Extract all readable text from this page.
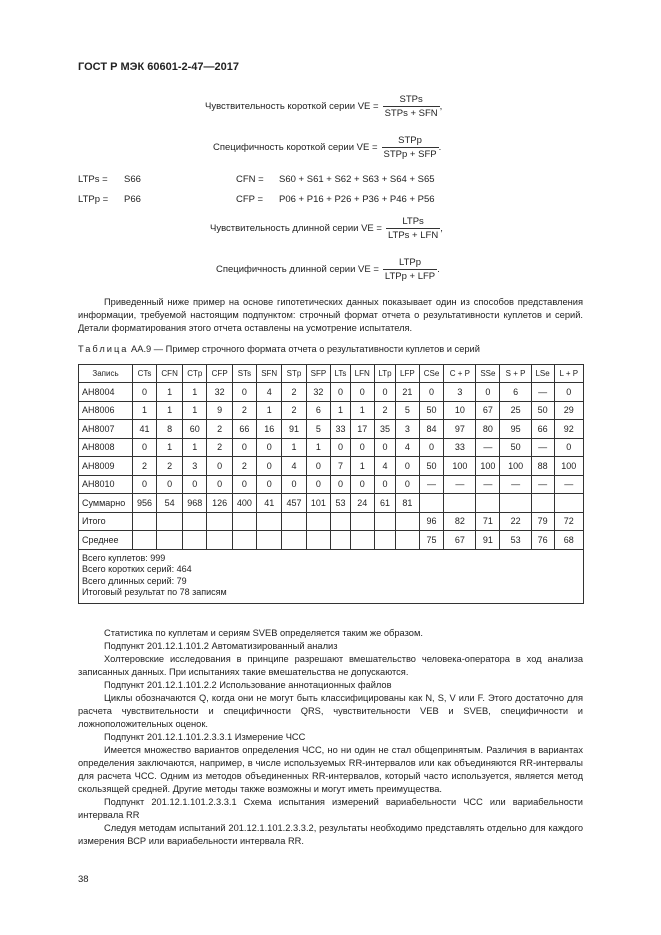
ГОСТ Р МЭК 60601-2-47—2017
Чувствительность короткой серии VE = $\frac{\text{STPs}}{\text{STPs + SFN}}$ ,
Специфичность короткой серии VE = $\frac{\text{STPp}}{\text{STPp + SFP}}$ .
LTPs = S66	CFN = S60 + S61 + S62 + S63 + S64 + S65
LTPp = P66	CFP = P06 + P16 + P26 + P36 + P46 + P56
Чувствительность длинной серии VE = $\frac{\text{LTPs}}{\text{LTPs + LFN}}$ ,
Специфичность длинной серии VE = $\frac{\text{LTPp}}{\text{LTPp + LFP}}$ .

Приведенный ниже пример на основе гипотетических данных показывает один из способов представления информации, требуемой настоящим подпунктом: строчный формат отчета о результативности куплетов и серий. Детали форматирования этого отчета оставлены на усмотрение испытателя.

Таблица АА.9 — Пример строчного формата отчета о результативности куплетов и серий
Запись	CTs	CFN	CTp	CFP	STs	SFN	STp	SFP	LTs	LFN	LTp	LFP	CSe	C + P	SSe	S + P	LSe	L + P
AH8004	0	1	1	32	0	4	2	32	0	0	0	21	0	3	0	6	—	0
AH8006	1	1	1	9	2	1	2	6	1	1	2	5	50	10	67	25	50	29
AH8007	41	8	60	2	66	16	91	5	33	17	35	3	84	97	80	95	66	92
AH8008	0	1	1	2	0	0	1	1	0	0	0	4	0	33	—	50	—	0
AH8009	2	2	3	0	2	0	4	0	7	1	4	0	50	100	100	100	88	100
AH8010	0	0	0	0	0	0	0	0	0	0	0	0	—	—	—	—	—	—
Суммарно	956	54	968	126	400	41	457	101	53	24	61	81						
Итого													96	82	71	22	79	72
Среднее													75	67	91	53	76	68

Всего куплетов: 999
Всего коротких серий: 464
Всего длинных серий: 79
Итоговый результат по 78 записям																		

Статистика по куплетам и сериям SVEB определяется таким же образом.

Подпункт 201.12.1.101.2 Автоматизированный анализ

Холтеровские исследования в принципе разрешают вмешательство человека-оператора в ход анализа записанных данных. При испытаниях такие вмешательства не допускаются.

Подпункт 201.12.1.101.2.2 Использование аннотационных файлов

Циклы обозначаются Q, когда они не могут быть классифицированы как N, S, V или F. Этого достаточно для расчета чувствительности и специфичности QRS, чувствительности VEB и SVEB, специфичности и ложноположительных оценок.

Подпункт 201.12.1.101.2.3.3.1 Измерение ЧСС

Имеется множество вариантов определения ЧСС, но ни один не стал общепринятым. Различия в вариантах определения заключаются, например, в числе используемых RR-интервалов или как объединяются RR-интервалы для расчета ЧСС. Одним из методов объединенных RR-интервалов, который часто используется, является метод скользящей средней. Другие методы также возможны и могут иметь преимущества.

Подпункт 201.12.1.101.2.3.3.1 Схема испытания измерений вариабельности ЧСС или вариабельности интервала RR

Следуя методам испытаний 201.12.1.101.2.3.3.2, результаты необходимо представлять отдельно для каждого измерения ВСР или вариабельности интервала RR.

38
